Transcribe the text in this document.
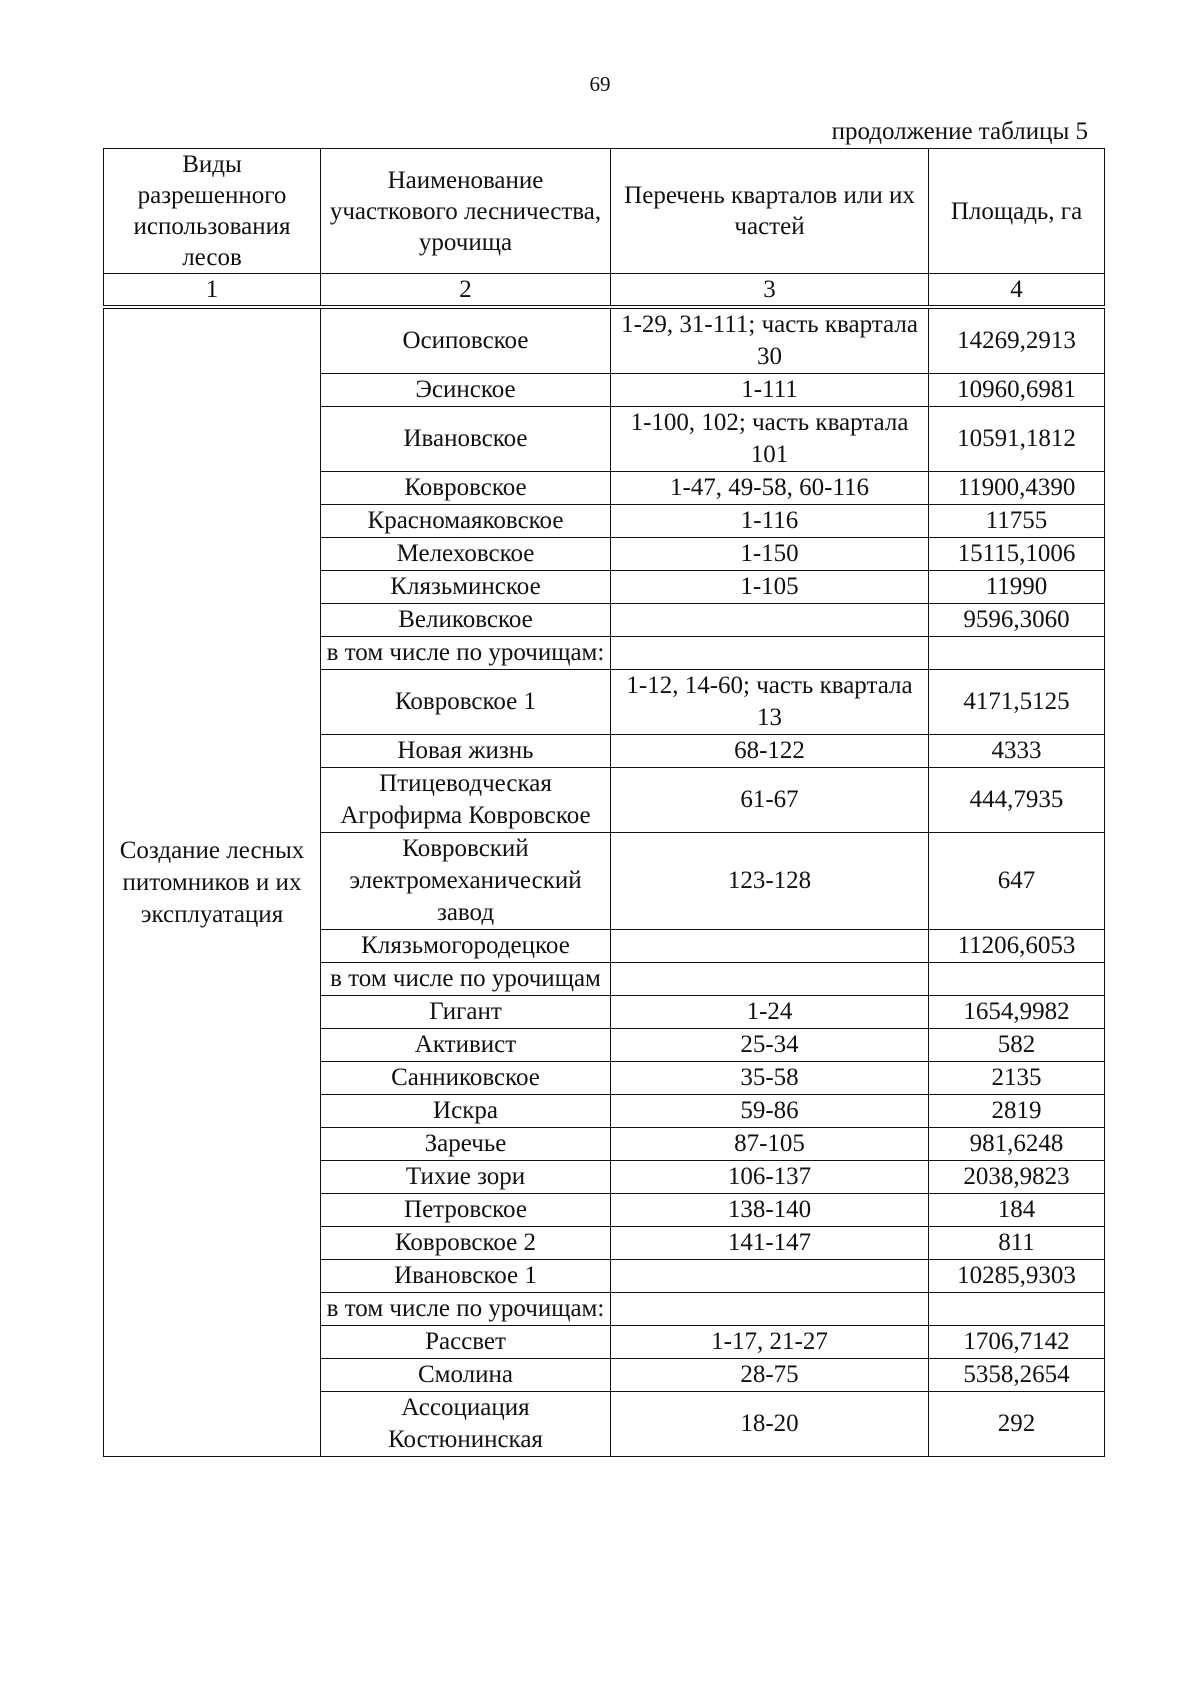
69
продолжение таблицы 5
Виды разрешенного использования лесов	Наименование участкового лесничества, урочища	Перечень кварталов или их частей	Площадь, га
1	2	3	4
Создание лесных питомников и их эксплуатация	Осиповское	1-29, 31-111; часть квартала 30	14269,2913
	Эсинское	1-111	10960,6981
	Ивановское	1-100, 102; часть квартала 101	10591,1812
	Ковровское	1-47, 49-58, 60-116	11900,4390
	Красномаяковское	1-116	11755
	Мелеховское	1-150	15115,1006
	Клязьминское	1-105	11990
	Великовское		9596,3060
	в том числе по урочищам:		
	Ковровское 1	1-12, 14-60; часть квартала 13	4171,5125
	Новая жизнь	68-122	4333
	Птицеводческая Агрофирма Ковровское	61-67	444,7935
	Ковровский электромеханический завод	123-128	647
	Клязьмогородецкое		11206,6053
	в том числе по урочищам		
	Гигант	1-24	1654,9982
	Активист	25-34	582
	Санниковское	35-58	2135
	Искра	59-86	2819
	Заречье	87-105	981,6248
	Тихие зори	106-137	2038,9823
	Петровское	138-140	184
	Ковровское 2	141-147	811
	Ивановское 1		10285,9303
	в том числе по урочищам:		
	Рассвет	1-17, 21-27	1706,7142
	Смолина	28-75	5358,2654
	Ассоциация Костюнинская	18-20	292
